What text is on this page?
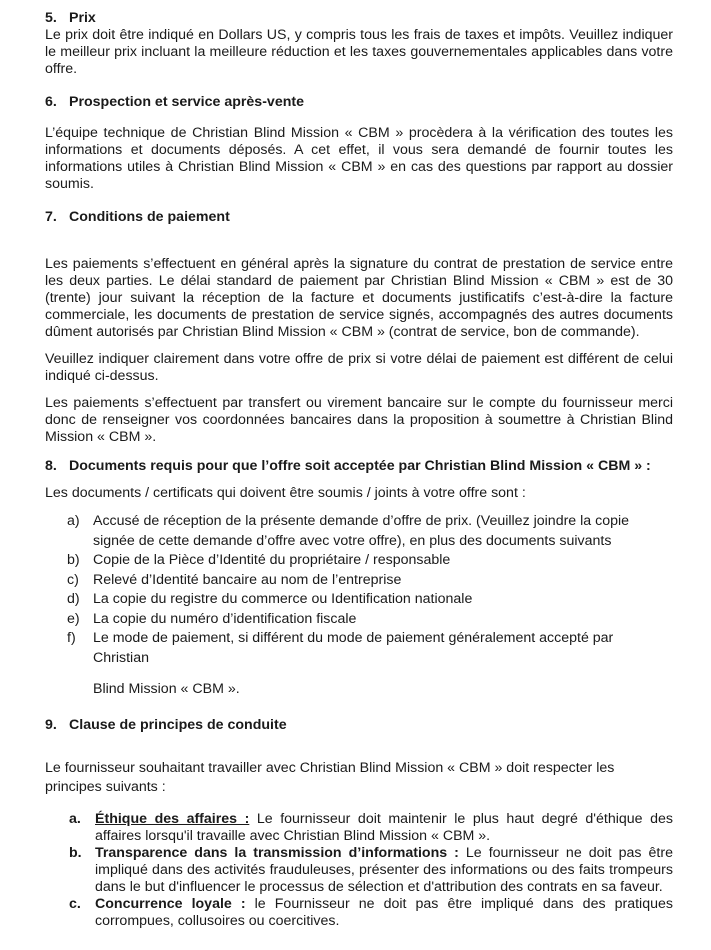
5. Prix

Le prix doit être indiqué en Dollars US, y compris tous les frais de taxes et impôts. Veuillez indiquer le meilleur prix incluant la meilleure réduction et les taxes gouvernementales applicables dans votre offre.

6. Prospection et service après-vente

L’équipe technique de Christian Blind Mission « CBM » procèdera à la vérification des toutes les informations et documents déposés. A cet effet, il vous sera demandé de fournir toutes les informations utiles à Christian Blind Mission « CBM » en cas des questions par rapport au dossier soumis.

7. Conditions de paiement

Les paiements s’effectuent en général après la signature du contrat de prestation de service entre les deux parties. Le délai standard de paiement par Christian Blind Mission « CBM » est de 30 (trente) jour suivant la réception de la facture et documents justificatifs c’est-à-dire la facture commerciale, les documents de prestation de service signés, accompagnés des autres documents dûment autorisés par Christian Blind Mission « CBM » (contrat de service, bon de commande).

Veuillez indiquer clairement dans votre offre de prix si votre délai de paiement est différent de celui indiqué ci-dessus.

Les paiements s’effectuent par transfert ou virement bancaire sur le compte du fournisseur merci donc de renseigner vos coordonnées bancaires dans la proposition à soumettre à Christian Blind Mission « CBM ».

8. Documents requis pour que l’offre soit acceptée par Christian Blind Mission « CBM » :

Les documents / certificats qui doivent être soumis / joints à votre offre sont :

a) Accusé de réception de la présente demande d’offre de prix. (Veuillez joindre la copie signée de cette demande d’offre avec votre offre), en plus des documents suivants
b) Copie de la Pièce d’Identité du propriétaire / responsable
c) Relevé d’Identité bancaire au nom de l’entreprise
d) La copie du registre du commerce ou Identification nationale
e) La copie du numéro d’identification fiscale
f)	Le mode de paiement, si différent du mode de paiement généralement accepté par Christian
Blind Mission « CBM ».

9. Clause de principes de conduite

Le fournisseur souhaitant travailler avec Christian Blind Mission « CBM » doit respecter les principes suivants :

a. Éthique des affaires : Le fournisseur doit maintenir le plus haut degré d'éthique des affaires lorsqu'il travaille avec Christian Blind Mission « CBM ».
b. Transparence dans la transmission d’informations : Le fournisseur ne doit pas être impliqué dans des activités frauduleuses, présenter des informations ou des faits trompeurs dans le but d'influencer le processus de sélection et d'attribution des contrats en sa faveur.
c. Concurrence loyale : le Fournisseur ne doit pas être impliqué dans des pratiques corrompues, collusoires ou coercitives.
